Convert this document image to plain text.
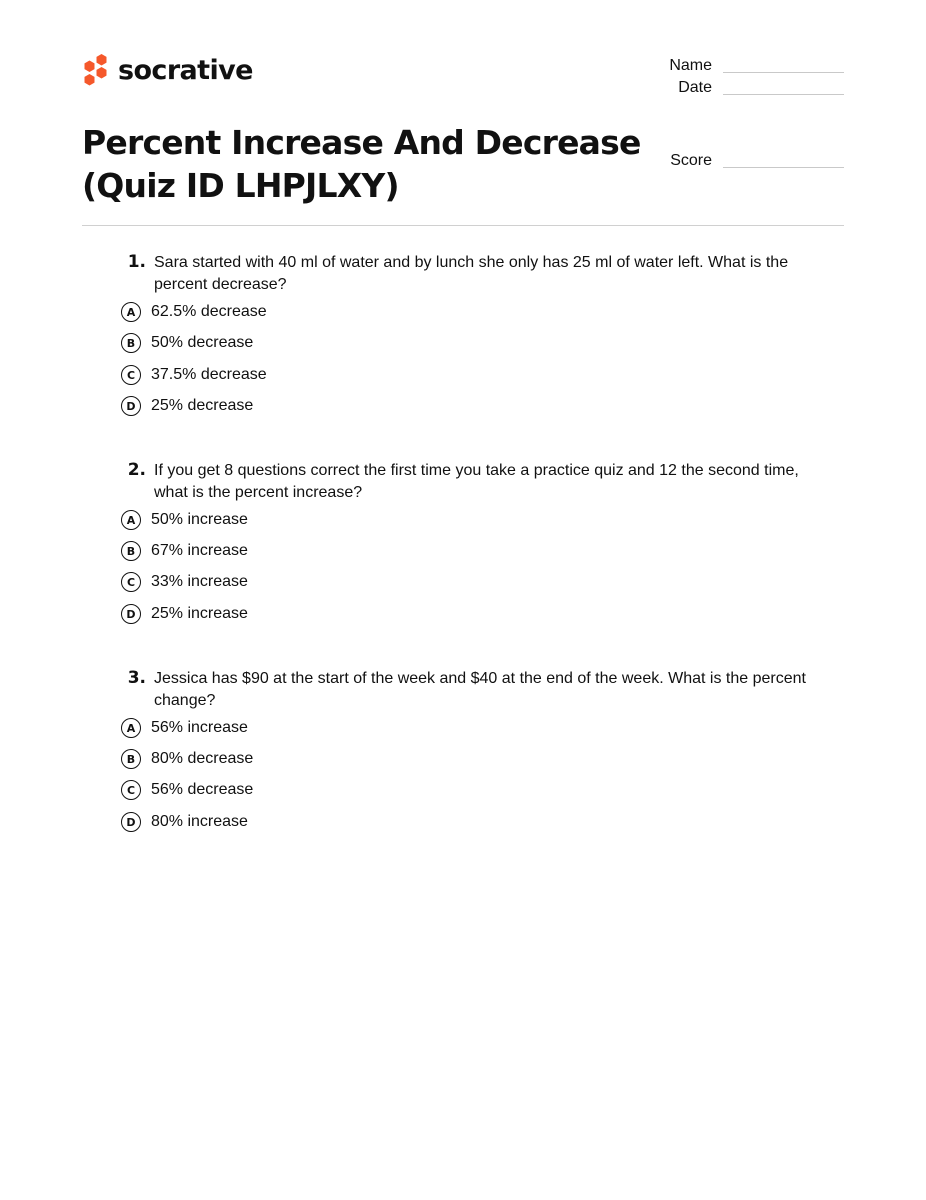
socrative
Percent Increase And Decrease
(Quiz ID LHPJLXY)
Name
Date
Score
1. Sara started with 40 ml of water and by lunch she only has 25 ml of water left. What is the percent decrease?
A 62.5% decrease
B 50% decrease
C 37.5% decrease
D 25% decrease
2. If you get 8 questions correct the first time you take a practice quiz and 12 the second time, what is the percent increase?
A 50% increase
B 67% increase
C 33% increase
D 25% increase
3. Jessica has $90 at the start of the week and $40 at the end of the week. What is the percent change?
A 56% increase
B 80% decrease
C 56% decrease
D 80% increase
